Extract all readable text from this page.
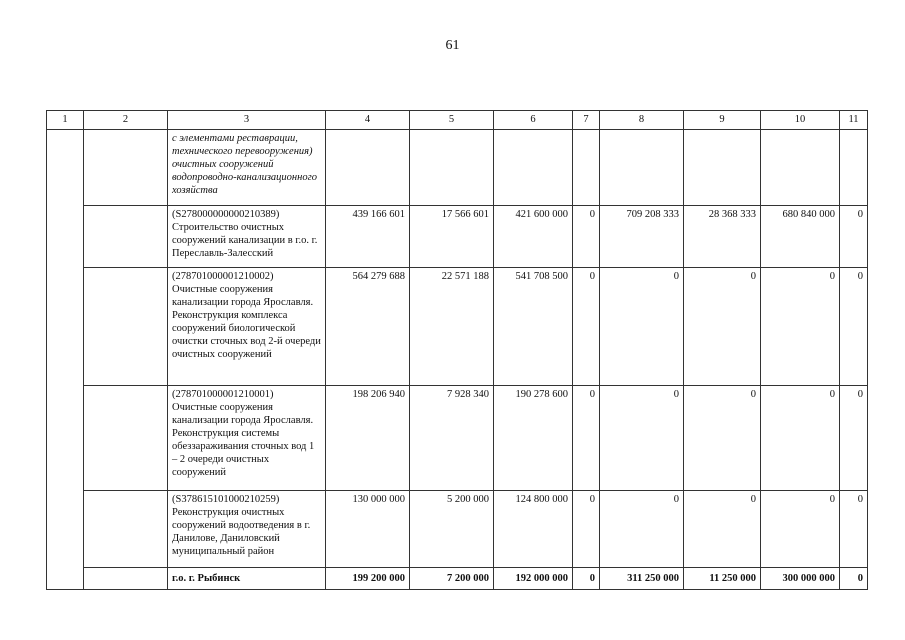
61
1	2	3	4	5	6	7	8	9	10	11
		с элементами реставрации, технического перевооружения) очистных сооружений водопроводно-канализационного хозяйства								
		(S278000000000210389) Строительство очистных сооружений канализации в г.о. г. Переславль-Залесский	439 166 601	17 566 601	421 600 000	0	709 208 333	28 368 333	680 840 000	0
		(278701000001210002) Очистные сооружения канализации города Ярославля. Реконструкция комплекса сооружений биологической очистки сточных вод 2-й очереди очистных сооружений	564 279 688	22 571 188	541 708 500	0	0	0	0	0
		(278701000001210001) Очистные сооружения канализации города Ярославля. Реконструкция системы обеззараживания сточных вод 1 – 2 очереди очистных сооружений	198 206 940	7 928 340	190 278 600	0	0	0	0	0
		(S378615101000210259) Реконструкция очистных сооружений водоотведения в г. Данилове, Даниловский муниципальный район	130 000 000	5 200 000	124 800 000	0	0	0	0	0
		г.о. г. Рыбинск	199 200 000	7 200 000	192 000 000	0	311 250 000	11 250 000	300 000 000	0
